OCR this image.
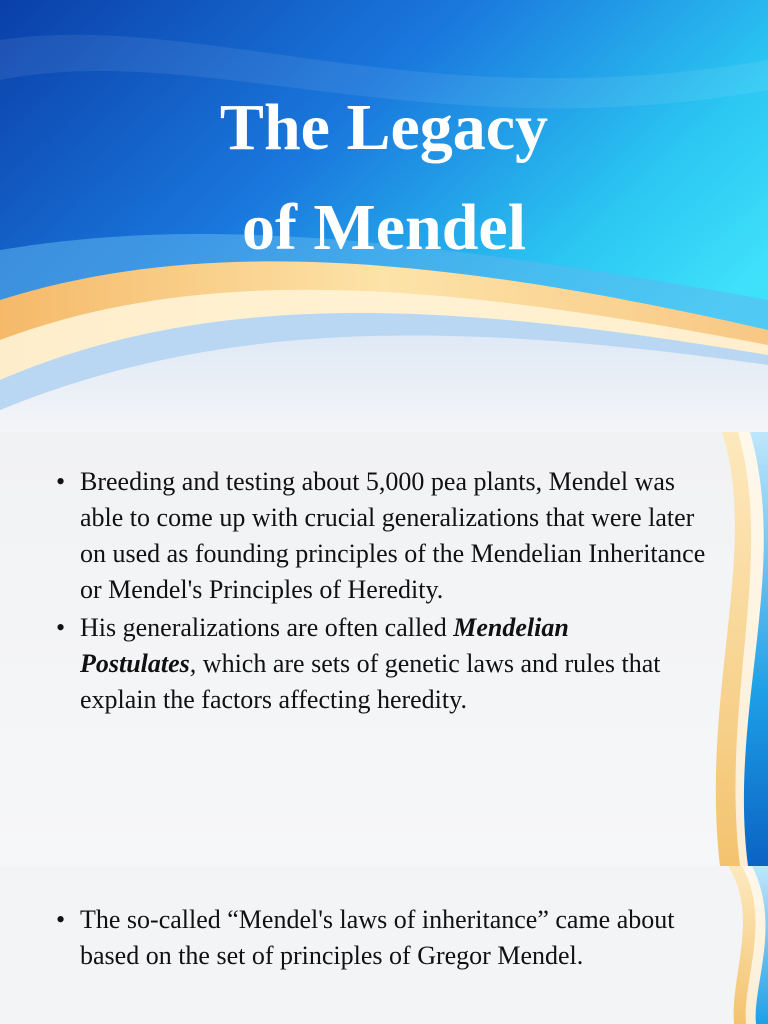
The Legacy
of Mendel
• Breeding and testing about 5,000 pea plants, Mendel was able to come up with crucial generalizations that were later on used as founding principles of the Mendelian Inheritance or Mendel's Principles of Heredity.
• His generalizations are often called Mendelian
Postulates, which are sets of genetic laws and rules that explain the factors affecting heredity.
• The so-called “Mendel's laws of inheritance” came about based on the set of principles of Gregor Mendel.
